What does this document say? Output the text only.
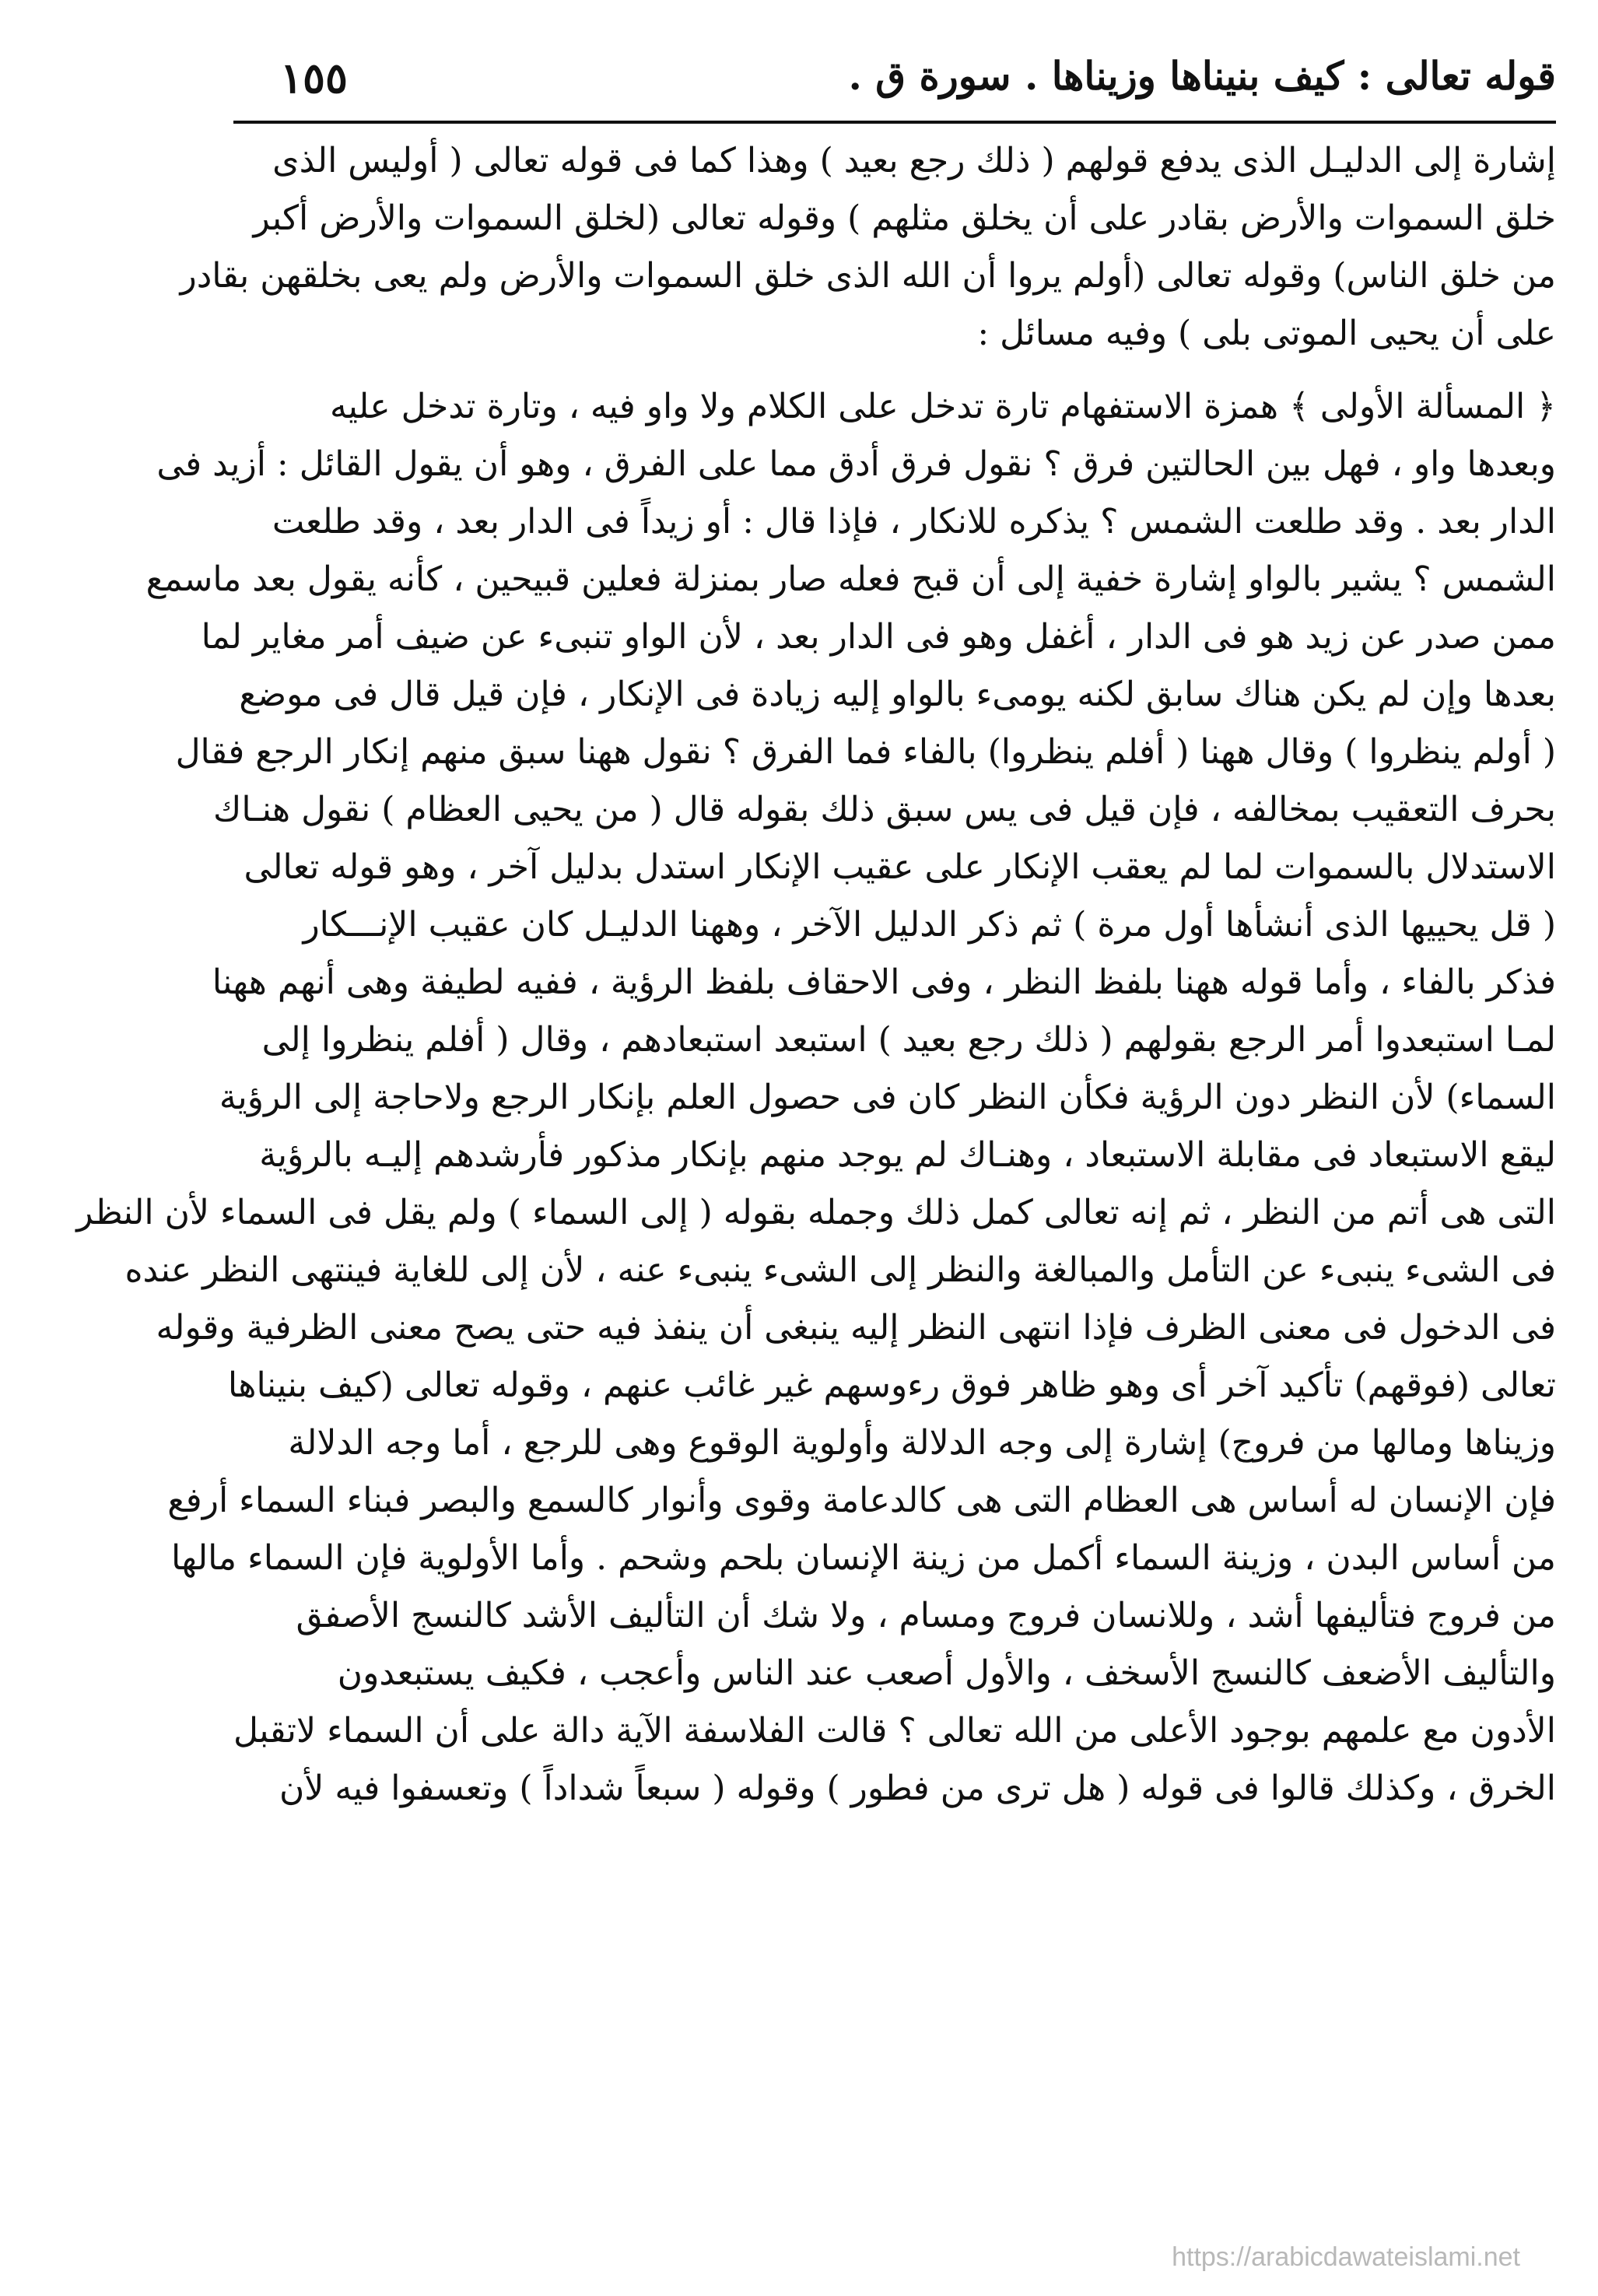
قوله تعالى : كيف بنيناها وزيناها . سورة ق .
١٥٥
إشارة إلى الدليـل الذى يدفع قولهم ( ذلك رجع بعيد ) وهذا كما فى قوله تعالى ( أوليس الذى
خلق السموات والأرض بقادر على أن يخلق مثلهم ) وقوله تعالى (لخلق السموات والأرض أكبر
من خلق الناس) وقوله تعالى (أولم يروا أن الله الذى خلق السموات والأرض ولم يعى بخلقهن بقادر
على أن يحيى الموتى بلى ) وفيه مسائل :
﴿ المسألة الأولى ﴾ همزة الاستفهام تارة تدخل على الكلام ولا واو فيه ، وتارة تدخل عليه
وبعدها واو ، فهل بين الحالتين فرق ؟ نقول فرق أدق مما على الفرق ، وهو أن يقول القائل : أزيد فى
الدار بعد . وقد طلعت الشمس ؟ يذكره للانكار ، فإذا قال : أو زيداً فى الدار بعد ، وقد طلعت
الشمس ؟ يشير بالواو إشارة خفية إلى أن قبح فعله صار بمنزلة فعلين قبيحين ، كأنه يقول بعد ماسمع
ممن صدر عن زيد هو فى الدار ، أغفل وهو فى الدار بعد ، لأن الواو تنبىء عن ضيف أمر مغاير لما
بعدها وإن لم يكن هناك سابق لكنه يومىء بالواو إليه زيادة فى الإنكار ، فإن قيل قال فى موضع
( أولم ينظروا ) وقال ههنا ( أفلم ينظروا) بالفاء فما الفرق ؟ نقول ههنا سبق منهم إنكار الرجع فقال
بحرف التعقيب بمخالفه ، فإن قيل فى يس سبق ذلك بقوله قال ( من يحيى العظام ) نقول هنـاك
الاستدلال بالسموات لما لم يعقب الإنكار على عقيب الإنكار استدل بدليل آخر ، وهو قوله تعالى
( قل يحييها الذى أنشأها أول مرة ) ثم ذكر الدليل الآخر ، وههنا الدليـل كان عقيب الإنـــكار
فذكر بالفاء ، وأما قوله ههنا بلفظ النظر ، وفى الاحقاف بلفظ الرؤية ، ففيه لطيفة وهى أنهم ههنا
لمـا استبعدوا أمر الرجع بقولهم ( ذلك رجع بعيد ) استبعد استبعادهم ، وقال ( أفلم ينظروا إلى
السماء) لأن النظر دون الرؤية فكأن النظر كان فى حصول العلم بإنكار الرجع ولاحاجة إلى الرؤية
ليقع الاستبعاد فى مقابلة الاستبعاد ، وهنـاك لم يوجد منهم بإنكار مذكور فأرشدهم إليـه بالرؤية
التى هى أتم من النظر ، ثم إنه تعالى كمل ذلك وجمله بقوله ( إلى السماء ) ولم يقل فى السماء لأن النظر
فى الشىء ينبىء عن التأمل والمبالغة والنظر إلى الشىء ينبىء عنه ، لأن إلى للغاية فينتهى النظر عنده
فى الدخول فى معنى الظرف فإذا انتهى النظر إليه ينبغى أن ينفذ فيه حتى يصح معنى الظرفية وقوله
تعالى (فوقهم) تأكيد آخر أى وهو ظاهر فوق رءوسهم غير غائب عنهم ، وقوله تعالى (كيف بنيناها
وزيناها ومالها من فروج) إشارة إلى وجه الدلالة وأولوية الوقوع وهى للرجع ، أما وجه الدلالة
فإن الإنسان له أساس هى العظام التى هى كالدعامة وقوى وأنوار كالسمع والبصر فبناء السماء أرفع
من أساس البدن ، وزينة السماء أكمل من زينة الإنسان بلحم وشحم . وأما الأولوية فإن السماء مالها
من فروج فتأليفها أشد ، وللانسان فروج ومسام ، ولا شك أن التأليف الأشد كالنسج الأصفق
والتأليف الأضعف كالنسج الأسخف ، والأول أصعب عند الناس وأعجب ، فكيف يستبعدون
الأدون مع علمهم بوجود الأعلى من الله تعالى ؟ قالت الفلاسفة الآية دالة على أن السماء لاتقبل
الخرق ، وكذلك قالوا فى قوله ( هل ترى من فطور ) وقوله ( سبعاً شداداً ) وتعسفوا فيه لأن
https://arabicdawateislami.net
